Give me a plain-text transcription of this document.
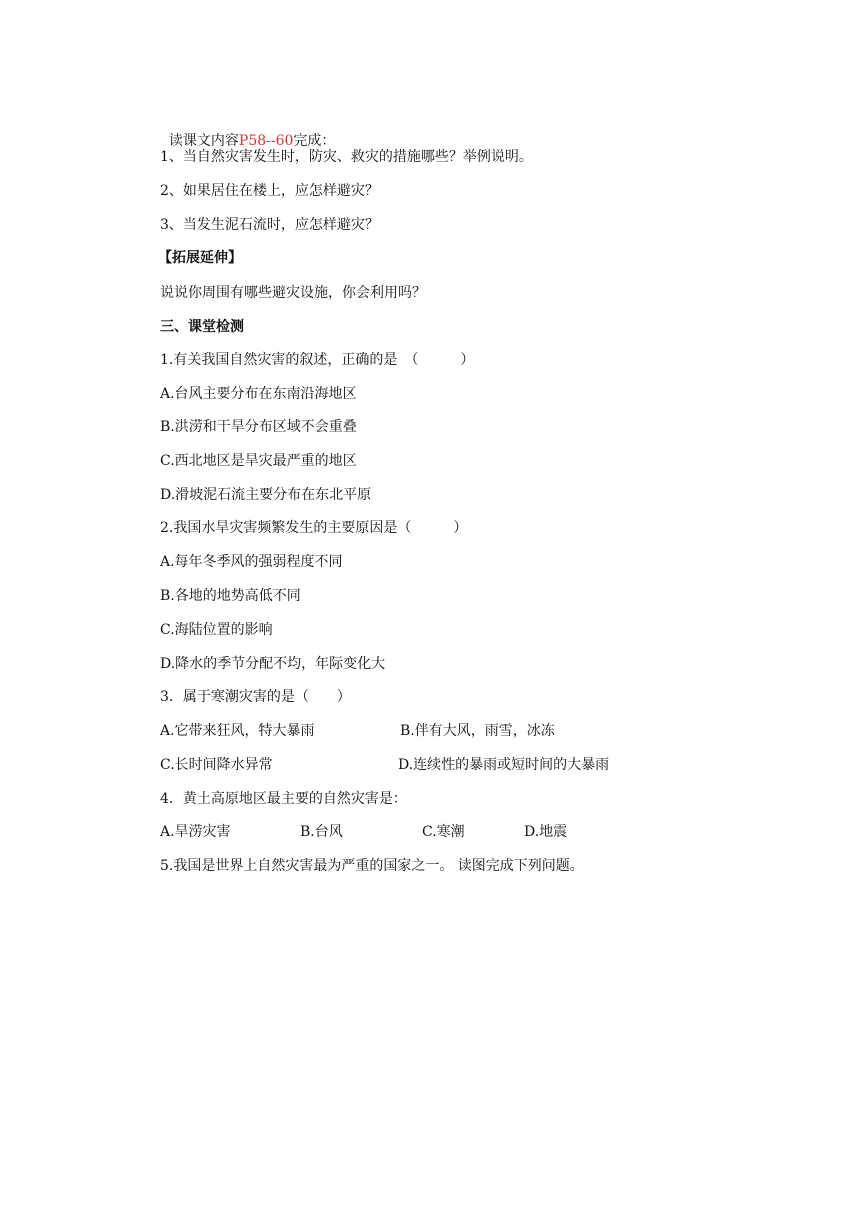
读课文内容P58--60完成：

1、当自然灾害发生时，防灾、救灾的措施哪些？举例说明。
2、如果居住在楼上，应怎样避灾？
3、当发生泥石流时，应怎样避灾？
【拓展延伸】
说说你周围有哪些避灾设施，你会利用吗？
三、课堂检测
1.有关我国自然灾害的叙述，正确的是　（　　　）
A.台风主要分布在东南沿海地区
B.洪涝和干旱分布区域不会重叠
C.西北地区是旱灾最严重的地区
D.滑坡泥石流主要分布在东北平原
2.我国水旱灾害频繁发生的主要原因是（　　　）
A.每年冬季风的强弱程度不同
B.各地的地势高低不同
C.海陆位置的影响
D.降水的季节分配不均，年际变化大
3．属于寒潮灾害的是（　　）
A.它带来狂风，特大暴雨	B.伴有大风，雨雪，冰冻
C.长时间降水异常	D.连续性的暴雨或短时间的大暴雨
4．黄土高原地区最主要的自然灾害是：
A.旱涝灾害	B.台风	C.寒潮	D.地震
5.我国是世界上自然灾害最为严重的国家之一。 读图完成下列问题。
